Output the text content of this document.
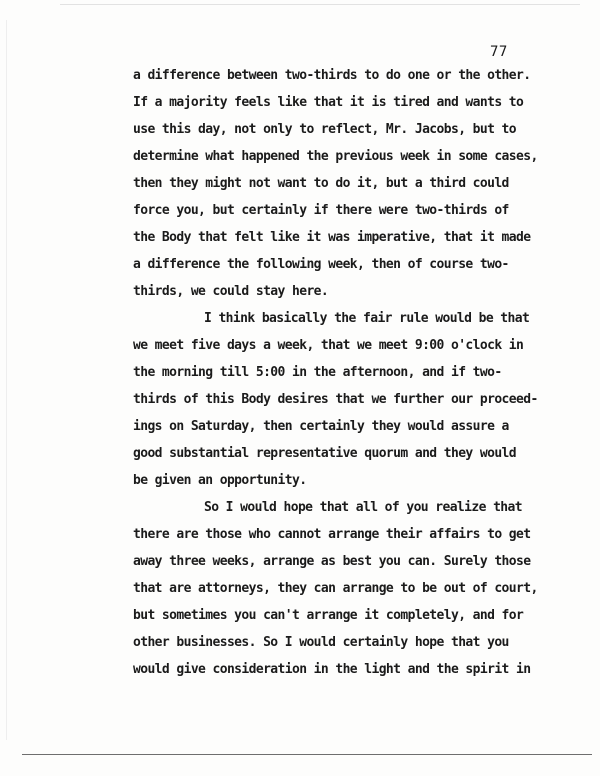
77
a difference between two-thirds to do one or the other.
If a majority feels like that it is tired and wants to
use this day, not only to reflect, Mr. Jacobs, but to
determine what happened the previous week in some cases,
then they might not want to do it, but a third could
force you, but certainly if there were two-thirds of
the Body that felt like it was imperative, that it made
a difference the following week, then of course two-
thirds, we could stay here.
I think basically the fair rule would be that
we meet five days a week, that we meet 9:00 o'clock in
the morning till 5:00 in the afternoon, and if two-
thirds of this Body desires that we further our proceed-
ings on Saturday, then certainly they would assure a
good substantial representative quorum and they would
be given an opportunity.
So I would hope that all of you realize that
there are those who cannot arrange their affairs to get
away three weeks, arrange as best you can. Surely those
that are attorneys, they can arrange to be out of court,
but sometimes you can't arrange it completely, and for
other businesses. So I would certainly hope that you
would give consideration in the light and the spirit in
